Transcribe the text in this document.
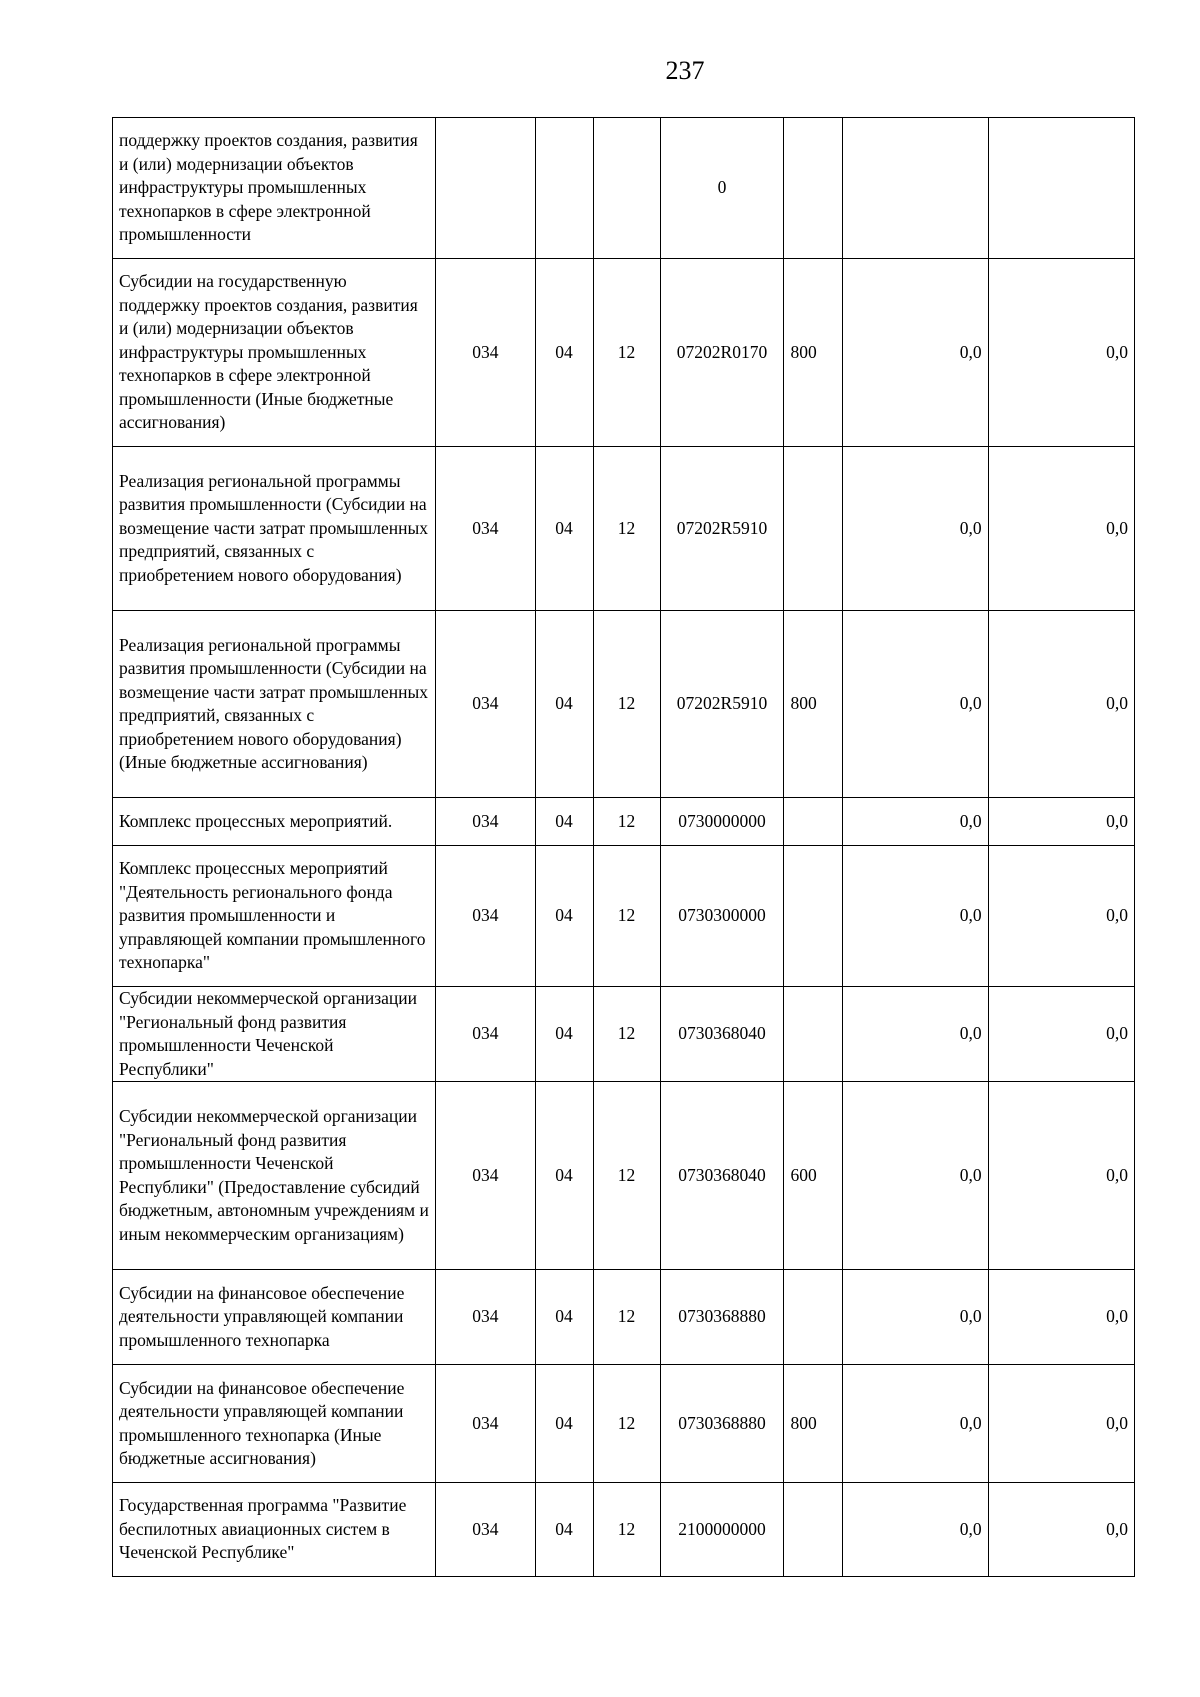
237
поддержку проектов создания, развития и (или) модернизации объектов инфраструктуры промышленных технопарков в сфере электронной промышленности				0			
Субсидии на государственную поддержку проектов создания, развития и (или) модернизации объектов инфраструктуры промышленных технопарков в сфере электронной промышленности (Иные бюджетные ассигнования)	034	04	12	07202R0170	800	0,0	0,0
Реализация региональной программы развития промышленности (Субсидии на возмещение части затрат промышленных предприятий, связанных с приобретением нового оборудования)	034	04	12	07202R5910		0,0	0,0
Реализация региональной программы развития промышленности (Субсидии на возмещение части затрат промышленных предприятий, связанных с приобретением нового оборудования) (Иные бюджетные ассигнования)	034	04	12	07202R5910	800	0,0	0,0
Комплекс процессных мероприятий.	034	04	12	0730000000		0,0	0,0
Комплекс процессных мероприятий "Деятельность регионального фонда развития промышленности и управляющей компании промышленного технопарка"	034	04	12	0730300000		0,0	0,0
Субсидии некоммерческой организации "Региональный фонд развития промышленности Чеченской Республики"	034	04	12	0730368040		0,0	0,0
Субсидии некоммерческой организации "Региональный фонд развития промышленности Чеченской Республики" (Предоставление субсидий бюджетным, автономным учреждениям и иным некоммерческим организациям)	034	04	12	0730368040	600	0,0	0,0
Субсидии на финансовое обеспечение деятельности управляющей компании промышленного технопарка	034	04	12	0730368880		0,0	0,0
Субсидии на финансовое обеспечение деятельности управляющей компании промышленного технопарка (Иные бюджетные ассигнования)	034	04	12	0730368880	800	0,0	0,0
Государственная программа "Развитие беспилотных авиационных систем в Чеченской Республике"	034	04	12	2100000000		0,0	0,0
